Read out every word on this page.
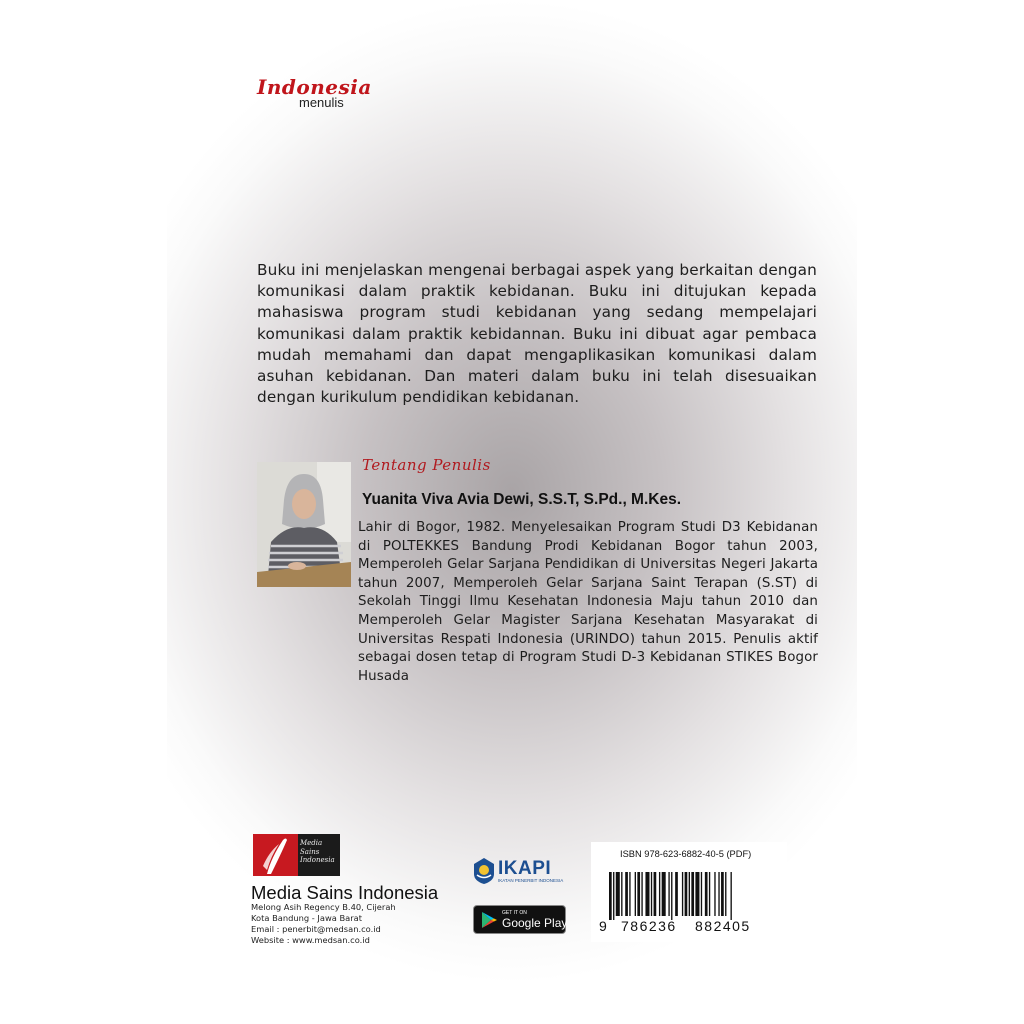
Indonesia
menulis
Buku ini menjelaskan mengenai berbagai aspek yang berkaitan dengan komunikasi dalam praktik kebidanan. Buku ini ditujukan kepada mahasiswa program studi kebidanan yang sedang mempelajari komunikasi dalam praktik kebidannan. Buku ini dibuat agar pembaca mudah memahami dan dapat mengaplikasikan komunikasi dalam asuhan kebidanan. Dan materi dalam buku ini telah disesuaikan dengan kurikulum pendidikan kebidanan.
Tentang Penulis
Yuanita Viva Avia Dewi, S.S.T, S.Pd., M.Kes.
Lahir di Bogor, 1982. Menyelesaikan Program Studi D3 Kebidanan di POLTEKKES Bandung Prodi Kebidanan Bogor tahun 2003, Memperoleh Gelar Sarjana Pendidikan di Universitas Negeri Jakarta tahun 2007, Memperoleh Gelar Sarjana Saint Terapan (S.ST) di Sekolah Tinggi Ilmu Kesehatan Indonesia Maju tahun 2010 dan Memperoleh Gelar Magister Sarjana Kesehatan Masyarakat di Universitas Respati Indonesia (URINDO) tahun 2015. Penulis aktif sebagai dosen tetap di Program Studi D-3 Kebidanan STIKES Bogor Husada
Media
Sains
Indonesia
Media Sains Indonesia
Melong Asih Regency B.40, Cijerah
Kota Bandung - Jawa Barat
Email : penerbit@medsan.co.id
Website : www.medsan.co.id
IKAPI
IKATAN PENERBIT INDONESIA
GET IT ON
Google Play
ISBN 978-623-6882-40-5 (PDF)
9 786236 882405
